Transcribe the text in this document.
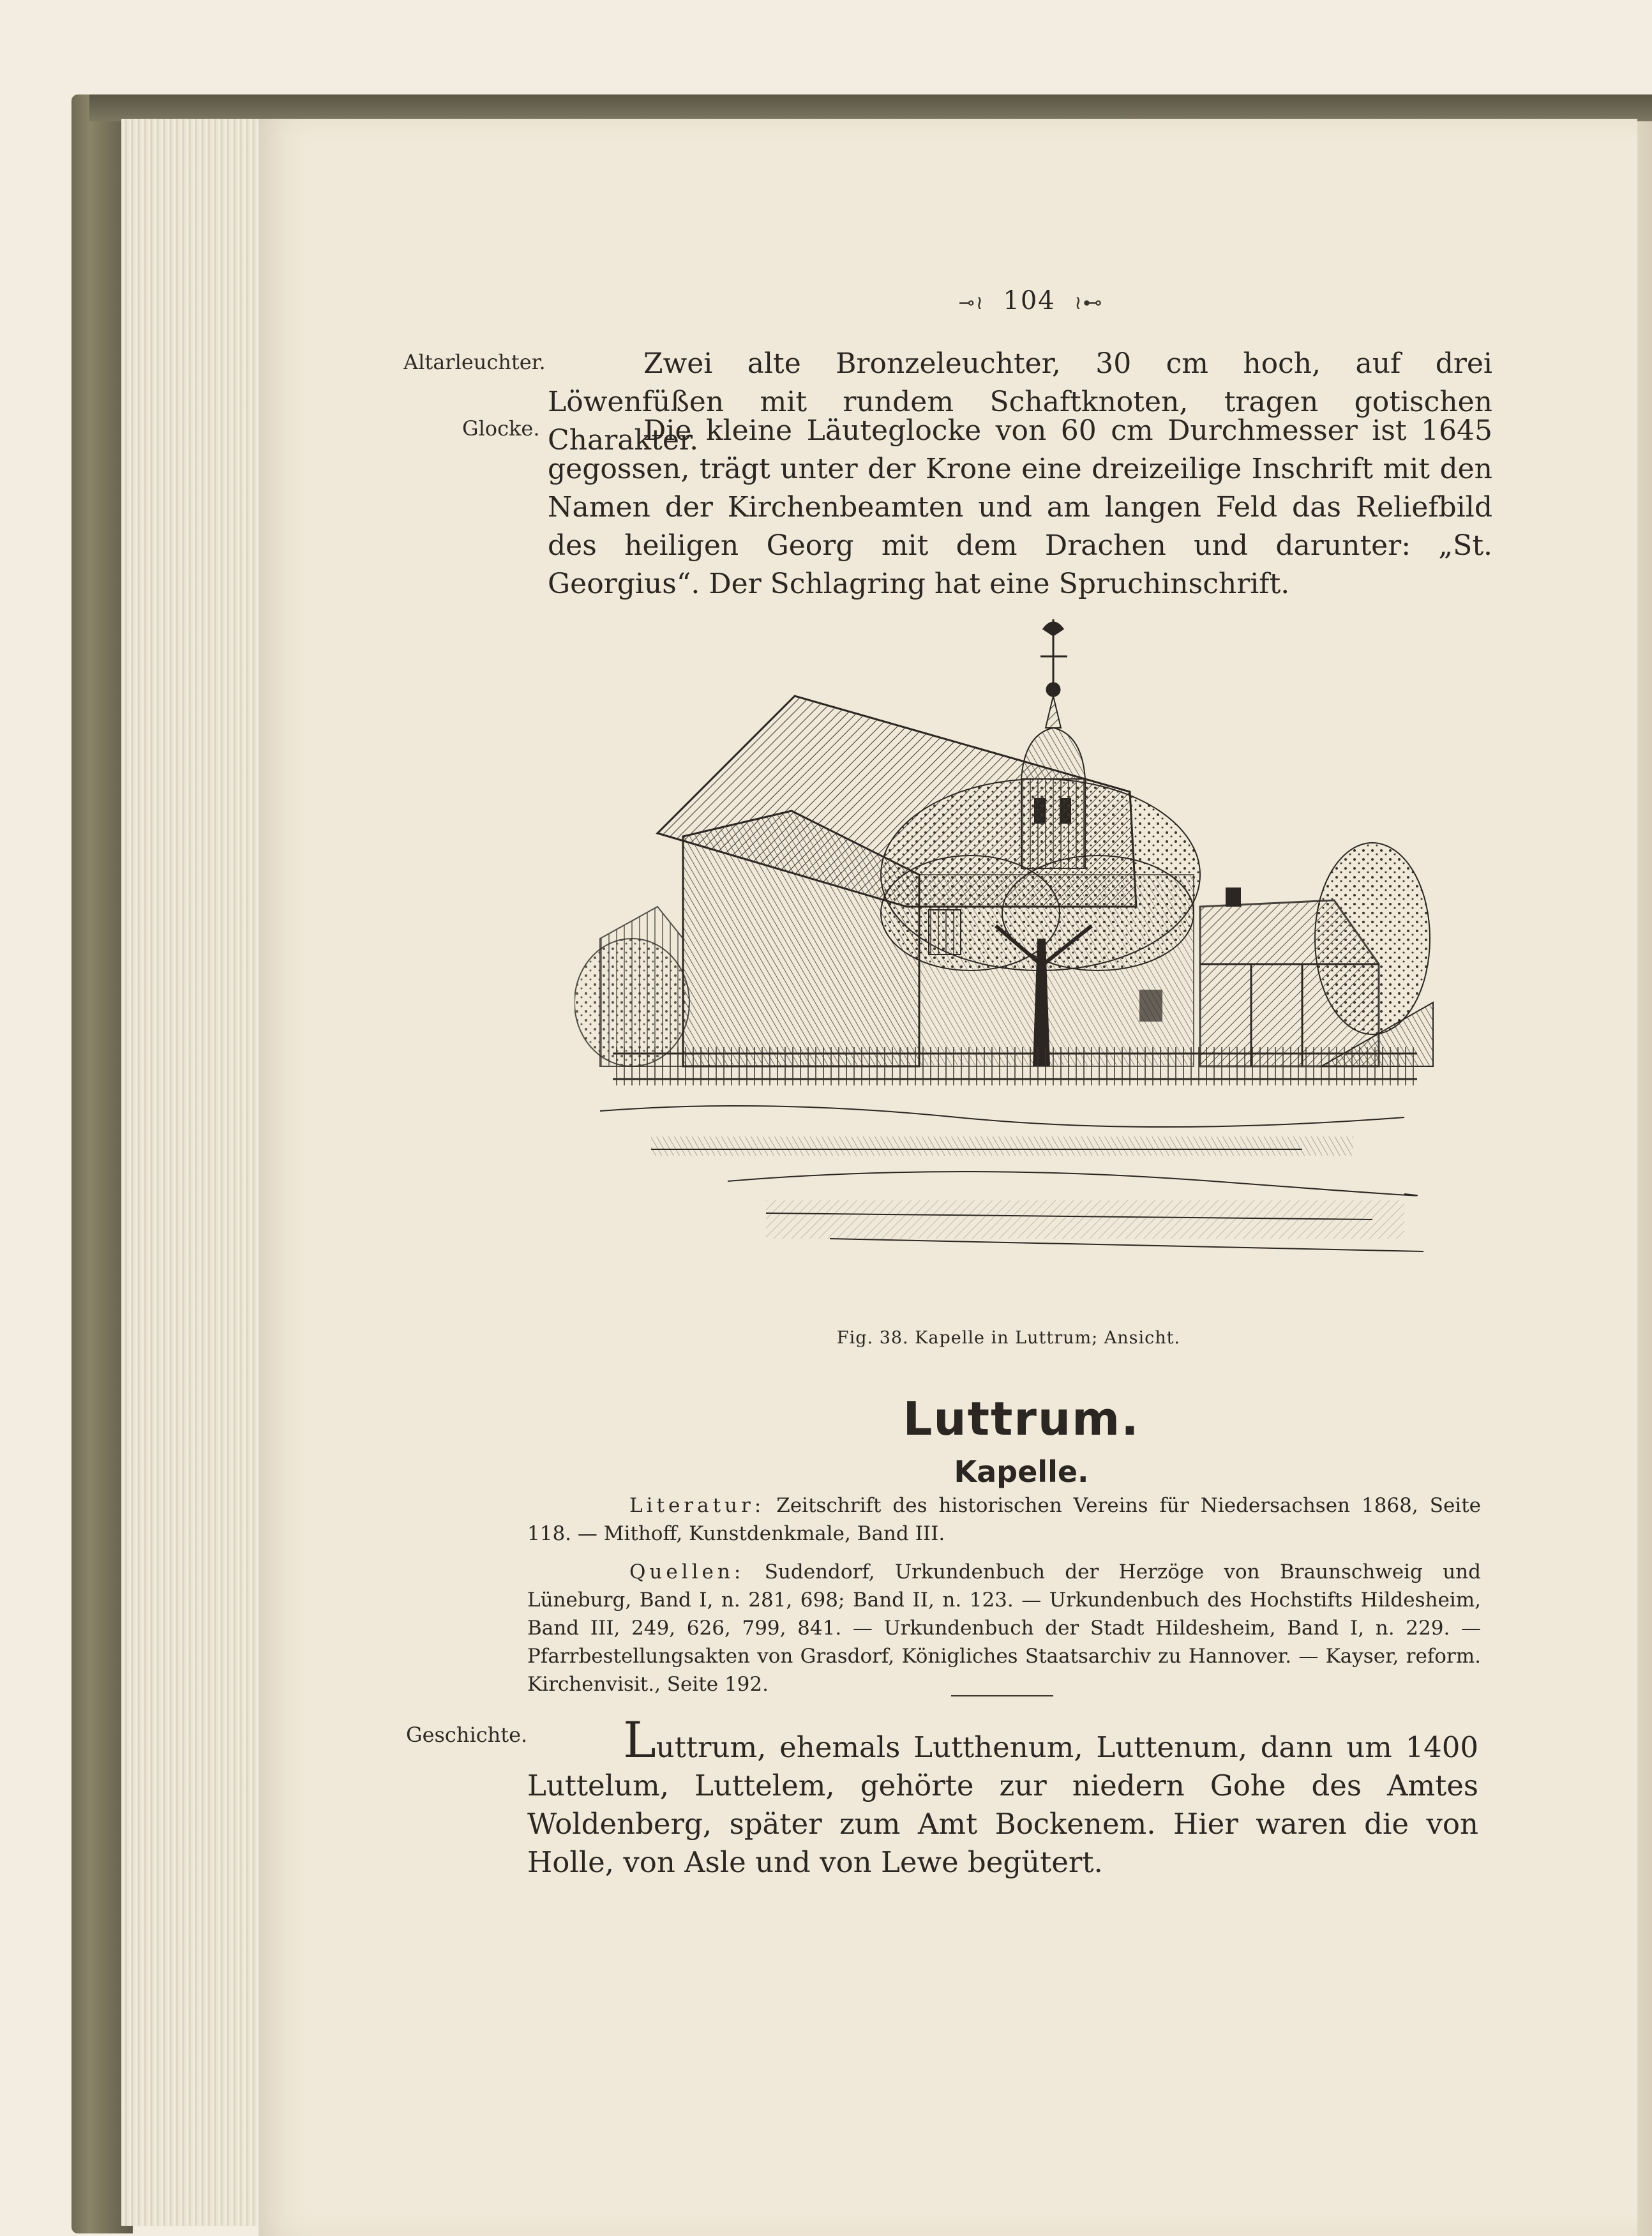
⊸≀ 104 ≀⊷
Altarleuchter.	Zwei alte Bronzeleuchter, 30 cm hoch, auf drei Löwenfüßen mit rundem Schaftknoten, tragen gotischen Charakter.
Glocke.	Die kleine Läuteglocke von 60 cm Durchmesser ist 1645 gegossen, trägt unter der Krone eine dreizeilige Inschrift mit den Namen der Kirchenbeamten und am langen Feld das Reliefbild des heiligen Georg mit dem Drachen und darunter: „St. Georgius“. Der Schlagring hat eine Spruchinschrift.
Fig. 38. Kapelle in Luttrum; Ansicht.
Luttrum.
Kapelle.
Literatur: Zeitschrift des historischen Vereins für Niedersachsen 1868, Seite 118. — Mithoff, Kunstdenkmale, Band III.
Quellen: Sudendorf, Urkundenbuch der Herzöge von Braunschweig und Lüneburg, Band I, n. 281, 698; Band II, n. 123. — Urkundenbuch des Hochstifts Hildesheim, Band III, 249, 626, 799, 841. — Urkundenbuch der Stadt Hildesheim, Band I, n. 229. — Pfarrbestellungsakten von Grasdorf, Königliches Staatsarchiv zu Hannover. — Kayser, reform. Kirchenvisit., Seite 192.
Geschichte.	Luttrum, ehemals Lutthenum, Luttenum, dann um 1400 Luttelum, Luttelem, gehörte zur niedern Gohe des Amtes Woldenberg, später zum Amt Bockenem. Hier waren die von Holle, von Asle und von Lewe begütert.
